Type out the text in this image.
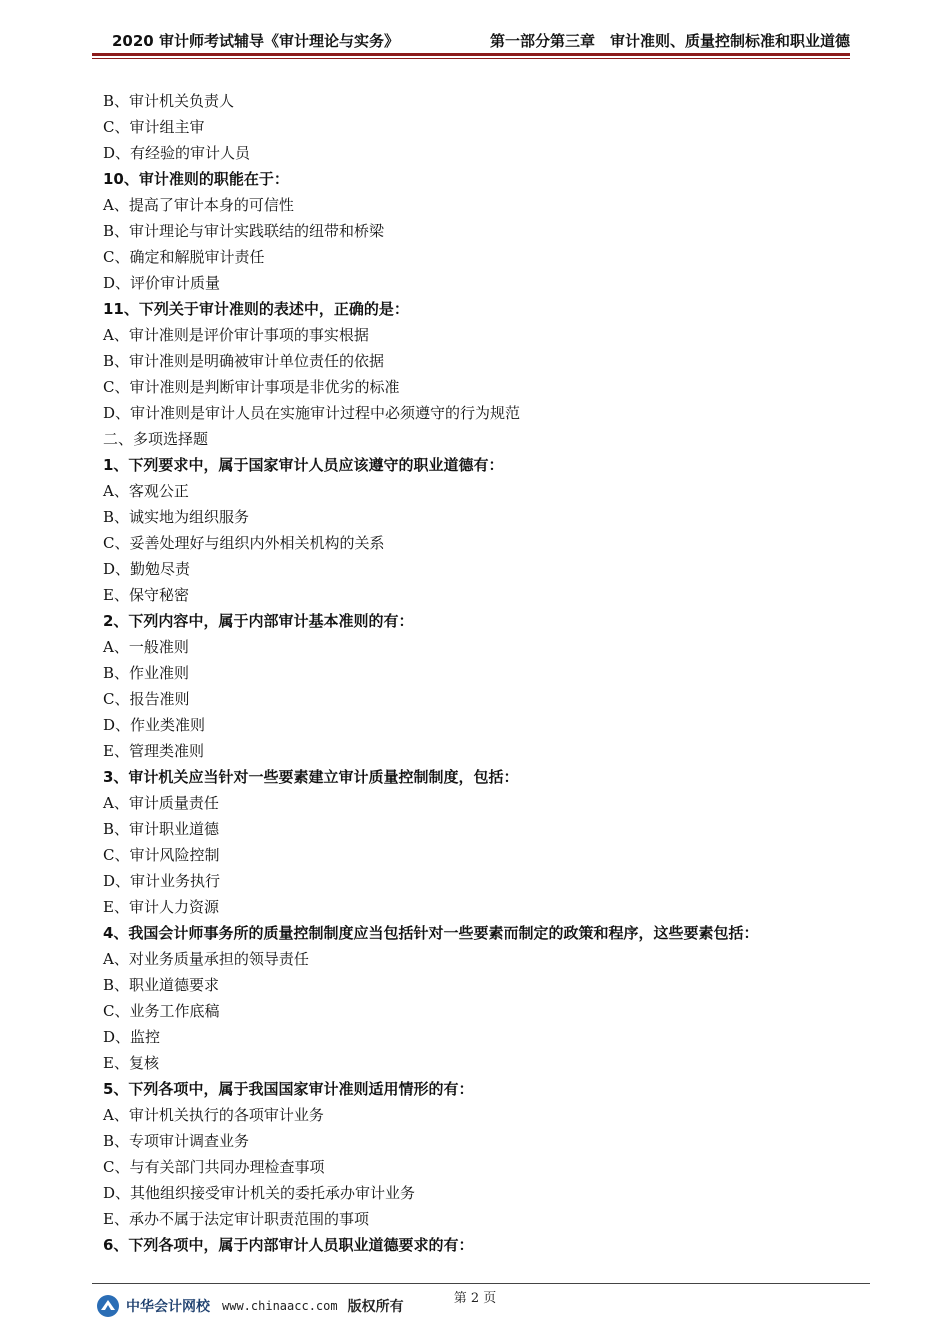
2020 审计师考试辅导《审计理论与实务》	第一部分第三章　审计准则、质量控制标准和职业道德
B、审计机关负责人
C、审计组主审
D、有经验的审计人员
10、审计准则的职能在于：
A、提高了审计本身的可信性
B、审计理论与审计实践联结的纽带和桥梁
C、确定和解脱审计责任
D、评价审计质量
11、下列关于审计准则的表述中，正确的是：
A、审计准则是评价审计事项的事实根据
B、审计准则是明确被审计单位责任的依据
C、审计准则是判断审计事项是非优劣的标准
D、审计准则是审计人员在实施审计过程中必须遵守的行为规范
二、多项选择题
1、下列要求中，属于国家审计人员应该遵守的职业道德有：
A、客观公正
B、诚实地为组织服务
C、妥善处理好与组织内外相关机构的关系
D、勤勉尽责
E、保守秘密
2、下列内容中，属于内部审计基本准则的有：
A、一般准则
B、作业准则
C、报告准则
D、作业类准则
E、管理类准则
3、审计机关应当针对一些要素建立审计质量控制制度，包括：
A、审计质量责任
B、审计职业道德
C、审计风险控制
D、审计业务执行
E、审计人力资源
4、我国会计师事务所的质量控制制度应当包括针对一些要素而制定的政策和程序，这些要素包括：
A、对业务质量承担的领导责任
B、职业道德要求
C、业务工作底稿
D、监控
E、复核
5、下列各项中，属于我国国家审计准则适用情形的有：
A、审计机关执行的各项审计业务
B、专项审计调查业务
C、与有关部门共同办理检查事项
D、其他组织接受审计机关的委托承办审计业务
E、承办不属于法定审计职责范围的事项
6、下列各项中，属于内部审计人员职业道德要求的有：
第 2 页
中华会计网校 www.chinaacc.com 版权所有
